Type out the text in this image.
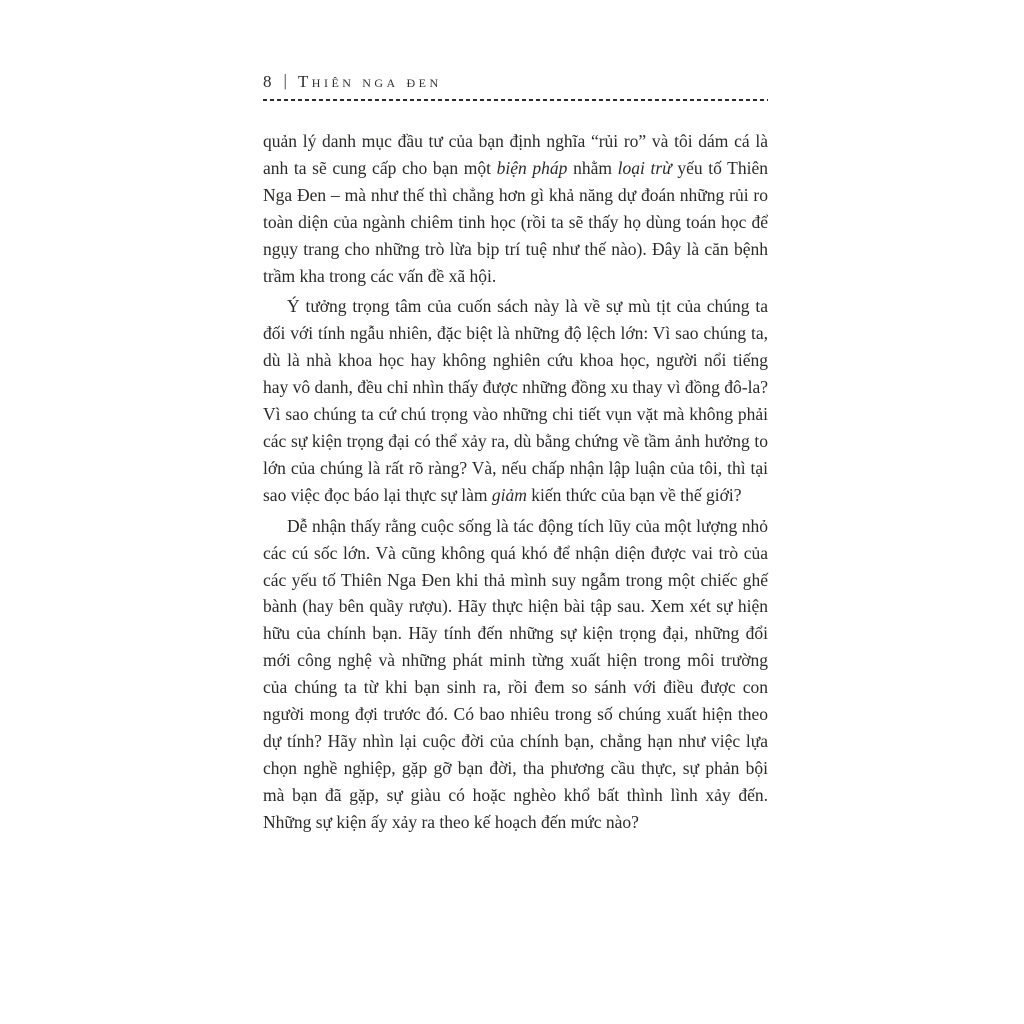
8 | Thiên nga đen

quản lý danh mục đầu tư của bạn định nghĩa “rủi ro” và tôi dám cá là anh ta sẽ cung cấp cho bạn một biện pháp nhằm loại trừ yếu tố Thiên Nga Đen – mà như thế thì chẳng hơn gì khả năng dự đoán những rủi ro toàn diện của ngành chiêm tinh học (rồi ta sẽ thấy họ dùng toán học để ngụy trang cho những trò lừa bịp trí tuệ như thế nào). Đây là căn bệnh trầm kha trong các vấn đề xã hội.

Ý tưởng trọng tâm của cuốn sách này là về sự mù tịt của chúng ta đối với tính ngẫu nhiên, đặc biệt là những độ lệch lớn: Vì sao chúng ta, dù là nhà khoa học hay không nghiên cứu khoa học, người nổi tiếng hay vô danh, đều chỉ nhìn thấy được những đồng xu thay vì đồng đô-la? Vì sao chúng ta cứ chú trọng vào những chi tiết vụn vặt mà không phải các sự kiện trọng đại có thể xảy ra, dù bằng chứng về tầm ảnh hưởng to lớn của chúng là rất rõ ràng? Và, nếu chấp nhận lập luận của tôi, thì tại sao việc đọc báo lại thực sự làm giảm kiến thức của bạn về thế giới?

Dễ nhận thấy rằng cuộc sống là tác động tích lũy của một lượng nhỏ các cú sốc lớn. Và cũng không quá khó để nhận diện được vai trò của các yếu tố Thiên Nga Đen khi thả mình suy ngẫm trong một chiếc ghế bành (hay bên quầy rượu). Hãy thực hiện bài tập sau. Xem xét sự hiện hữu của chính bạn. Hãy tính đến những sự kiện trọng đại, những đổi mới công nghệ và những phát minh từng xuất hiện trong môi trường của chúng ta từ khi bạn sinh ra, rồi đem so sánh với điều được con người mong đợi trước đó. Có bao nhiêu trong số chúng xuất hiện theo dự tính? Hãy nhìn lại cuộc đời của chính bạn, chẳng hạn như việc lựa chọn nghề nghiệp, gặp gỡ bạn đời, tha phương cầu thực, sự phản bội mà bạn đã gặp, sự giàu có hoặc nghèo khổ bất thình lình xảy đến. Những sự kiện ấy xảy ra theo kế hoạch đến mức nào?
